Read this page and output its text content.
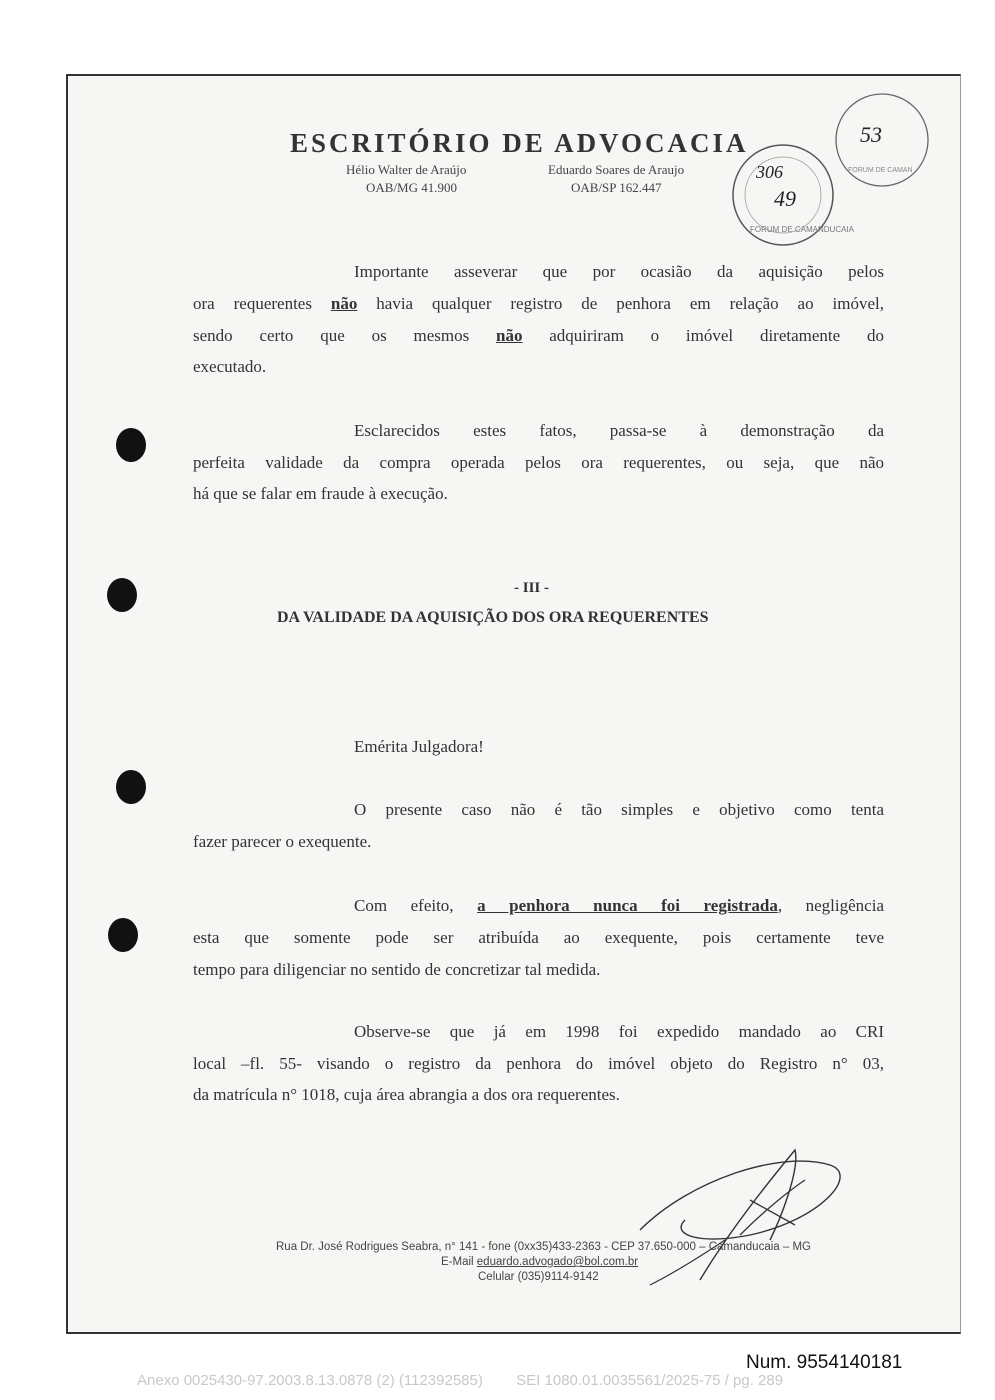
ESCRITÓRIO DE ADVOCACIA
Hélio Walter de Araújo
OAB/MG 41.900
Eduardo Soares de Araujo
OAB/SP 162.447
306
49
FORUM DE CAMANDUCAIA
53
FORUM DE CAMAN
Importante asseverar que por ocasião da aquisição pelos
ora requerentes não havia qualquer registro de penhora em relação ao imóvel,
sendo certo que os mesmos não adquiriram o imóvel diretamente do
executado.
Esclarecidos estes fatos, passa-se à demonstração da
perfeita validade da compra operada pelos ora requerentes, ou seja, que não
há que se falar em fraude à execução.
- III -
DA VALIDADE DA AQUISIÇÃO DOS ORA REQUERENTES
Emérita Julgadora!
O presente caso não é tão simples e objetivo como tenta
fazer parecer o exequente.
Com efeito, a penhora nunca foi registrada, negligência
esta que somente pode ser atribuída ao exequente, pois certamente teve
tempo para diligenciar no sentido de concretizar tal medida.
Observe-se que já em 1998 foi expedido mandado ao CRI
local –fl. 55- visando o registro da penhora do imóvel objeto do Registro n° 03,
da matrícula n° 1018, cuja área abrangia a dos ora requerentes.
Rua Dr. José Rodrigues Seabra, n° 141 - fone (0xx35)433-2363 - CEP 37.650-000 – Camanducaia – MG
E-Mail eduardo.advogado@bol.com.br
Celular (035)9114-9142
Num. 9554140181
Anexo 0025430-97.2003.8.13.0878 (2) (112392585)        SEI 1080.01.0035561/2025-75 / pg. 289
